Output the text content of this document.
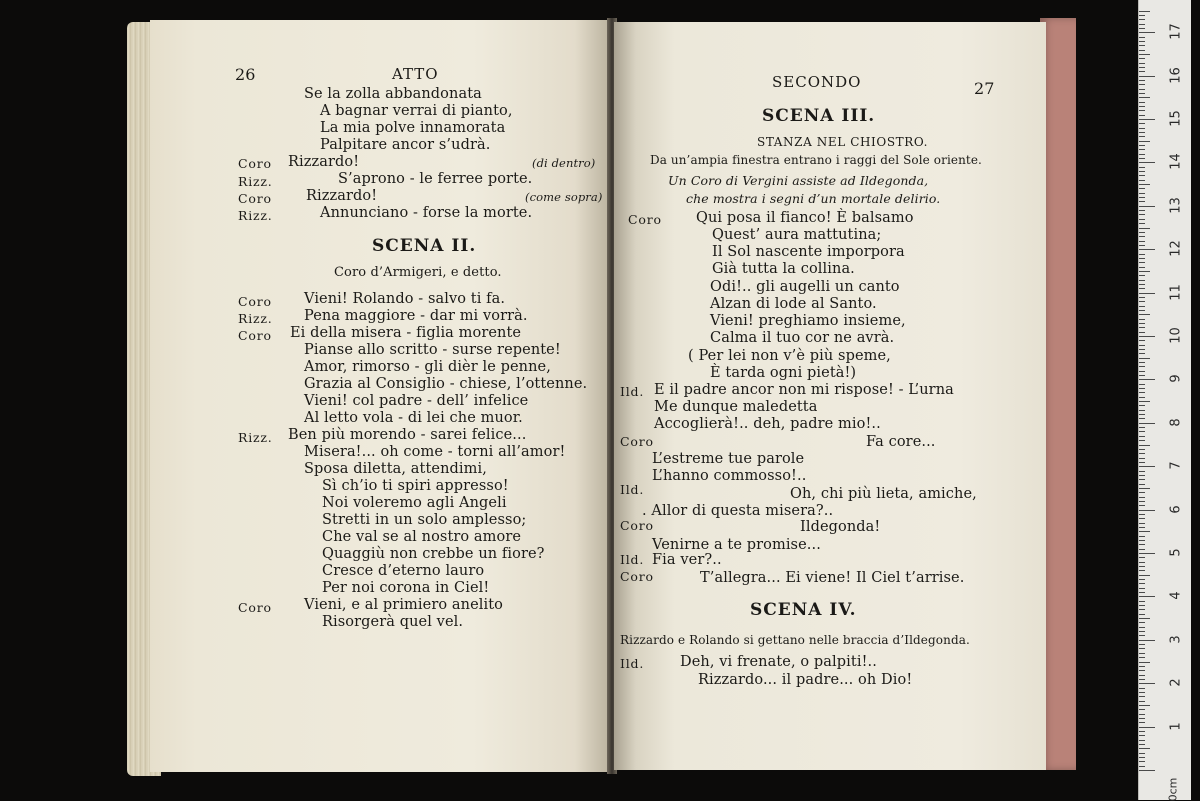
26	ATTO
Se la zolla abbandonata
A bagnar verrai di pianto,
La mia polve innamorata
Palpitare ancor s’udrà.
Coro Rizzardo!	(di dentro)
Rizz.	S’aprono - le ferree porte.
Coro Rizzardo!	(come sopra)
Rizz.	Annunciano - forse la morte.
SCENA II.
Coro d’Armigeri, e detto.
Coro Vieni! Rolando - salvo ti fa.
Rizz. Pena maggiore - dar mi vorrà.
Coro Ei della misera - figlia morente
Pianse allo scritto - surse repente!
Amor, rimorso - gli dièr le penne,
Grazia al Consiglio - chiese, l’ottenne.
Vieni! col padre - dell’ infelice
Al letto vola - di lei che muor.
Rizz. Ben più morendo - sarei felice...
Misera!... oh come - torni all’amor!
Sposa diletta, attendimi,
Sì ch’io ti spiri appresso!
Noi voleremo agli Angeli
Stretti in un solo amplesso;
Che val se al nostro amore
Quaggiù non crebbe un fiore?
Cresce d’eterno lauro
Per noi corona in Ciel!
Coro Vieni, e al primiero anelito
Risorgerà quel vel.
SECONDO	27
SCENA III.
STANZA NEL CHIOSTRO.
Da un’ampia finestra entrano i raggi del Sole oriente.
Un Coro di Vergini assiste ad Ildegonda,
che mostra i segni d’un mortale delirio.
Coro Qui posa il fianco! È balsamo
Quest’ aura mattutina;
Il Sol nascente imporpora
Già tutta la collina.
Odi!.. gli augelli un canto
Alzan di lode al Santo.
Vieni! preghiamo insieme,
Calma il tuo cor ne avrà.
( Per lei non v’è più speme,
È tarda ogni pietà!)
Ild. E il padre ancor non mi rispose! - L’urna
Me dunque maledetta
Accoglierà!.. deh, padre mio!..
Coro	Fa core...
L’estreme tue parole
L’hanno commosso!..
Ild.	Oh, chi più lieta, amiche,
. Allor di questa misera?..
Coro	Ildegonda!
Venirne a te promise...
Ild. Fia ver?..
Coro	T’allegra... Ei viene! Il Ciel t’arrise.
SCENA IV.
Rizzardo e Rolando si gettano nelle braccia d’Ildegonda.
Ild. Deh, vi frenate, o palpiti!..
Rizzardo... il padre... oh Dio!
1
2
3
4
5
6
7
8
9
10
11
12
13
14
15
16
17
0cm
